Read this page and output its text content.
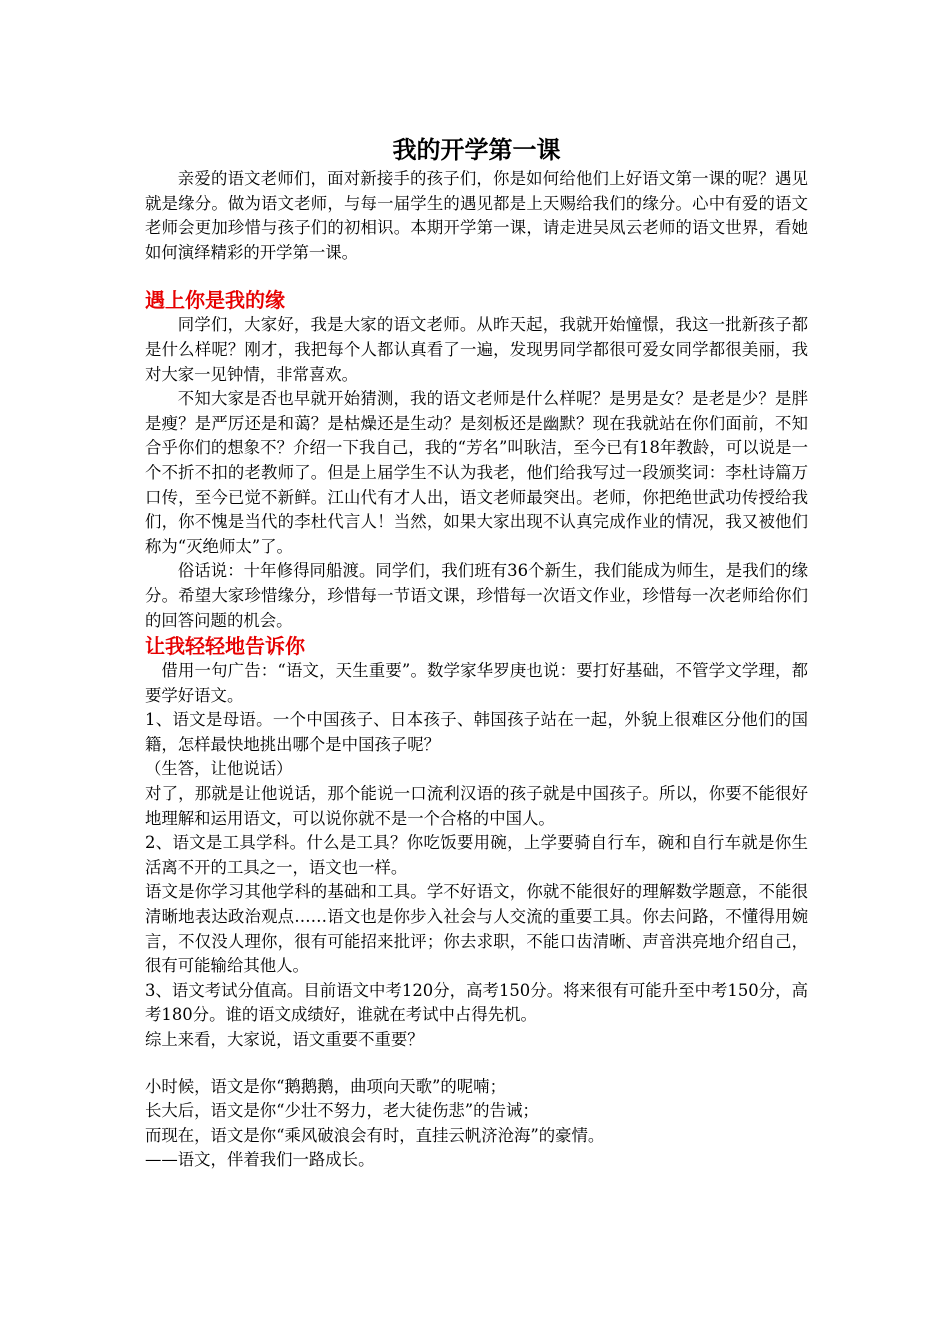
我的开学第一课

亲爱的语文老师们，面对新接手的孩子们，你是如何给他们上好语文第一课的呢？遇见就是缘分。做为语文老师，与每一届学生的遇见都是上天赐给我们的缘分。心中有爱的语文老师会更加珍惜与孩子们的初相识。本期开学第一课，请走进吴凤云老师的语文世界，看她如何演绎精彩的开学第一课。

遇上你是我的缘

同学们，大家好，我是大家的语文老师。从昨天起，我就开始憧憬，我这一批新孩子都是什么样呢？刚才，我把每个人都认真看了一遍，发现男同学都很可爱女同学都很美丽，我对大家一见钟情，非常喜欢。

不知大家是否也早就开始猜测，我的语文老师是什么样呢？是男是女？是老是少？是胖是瘦？是严厉还是和蔼？是枯燥还是生动？是刻板还是幽默？现在我就站在你们面前，不知合乎你们的想象不？介绍一下我自己，我的“芳名”叫耿洁，至今已有18年教龄，可以说是一个不折不扣的老教师了。但是上届学生不认为我老，他们给我写过一段颁奖词：李杜诗篇万口传，至今已觉不新鲜。江山代有才人出，语文老师最突出。老师，你把绝世武功传授给我们，你不愧是当代的李杜代言人！当然，如果大家出现不认真完成作业的情况，我又被他们称为“灭绝师太”了。

俗话说：十年修得同船渡。同学们，我们班有36个新生，我们能成为师生，是我们的缘分。希望大家珍惜缘分，珍惜每一节语文课，珍惜每一次语文作业，珍惜每一次老师给你们的回答问题的机会。

让我轻轻地告诉你

借用一句广告：“语文，天生重要”。数学家华罗庚也说：要打好基础，不管学文学理，都要学好语文。

1、语文是母语。一个中国孩子、日本孩子、韩国孩子站在一起，外貌上很难区分他们的国籍，怎样最快地挑出哪个是中国孩子呢？

（生答，让他说话）

对了，那就是让他说话，那个能说一口流利汉语的孩子就是中国孩子。所以，你要不能很好地理解和运用语文，可以说你就不是一个合格的中国人。

2、语文是工具学科。什么是工具？你吃饭要用碗，上学要骑自行车，碗和自行车就是你生活离不开的工具之一，语文也一样。

语文是你学习其他学科的基础和工具。学不好语文，你就不能很好的理解数学题意，不能很清晰地表达政治观点……语文也是你步入社会与人交流的重要工具。你去问路，不懂得用婉言，不仅没人理你，很有可能招来批评；你去求职，不能口齿清晰、声音洪亮地介绍自己，很有可能输给其他人。

3、语文考试分值高。目前语文中考120分，高考150分。将来很有可能升至中考150分，高考180分。谁的语文成绩好，谁就在考试中占得先机。

综上来看，大家说，语文重要不重要？

小时候，语文是你“鹅鹅鹅，曲项向天歌”的呢喃；

长大后，语文是你“少壮不努力，老大徒伤悲”的告诫；

而现在，语文是你“乘风破浪会有时，直挂云帆济沧海”的豪情。

——语文，伴着我们一路成长。
